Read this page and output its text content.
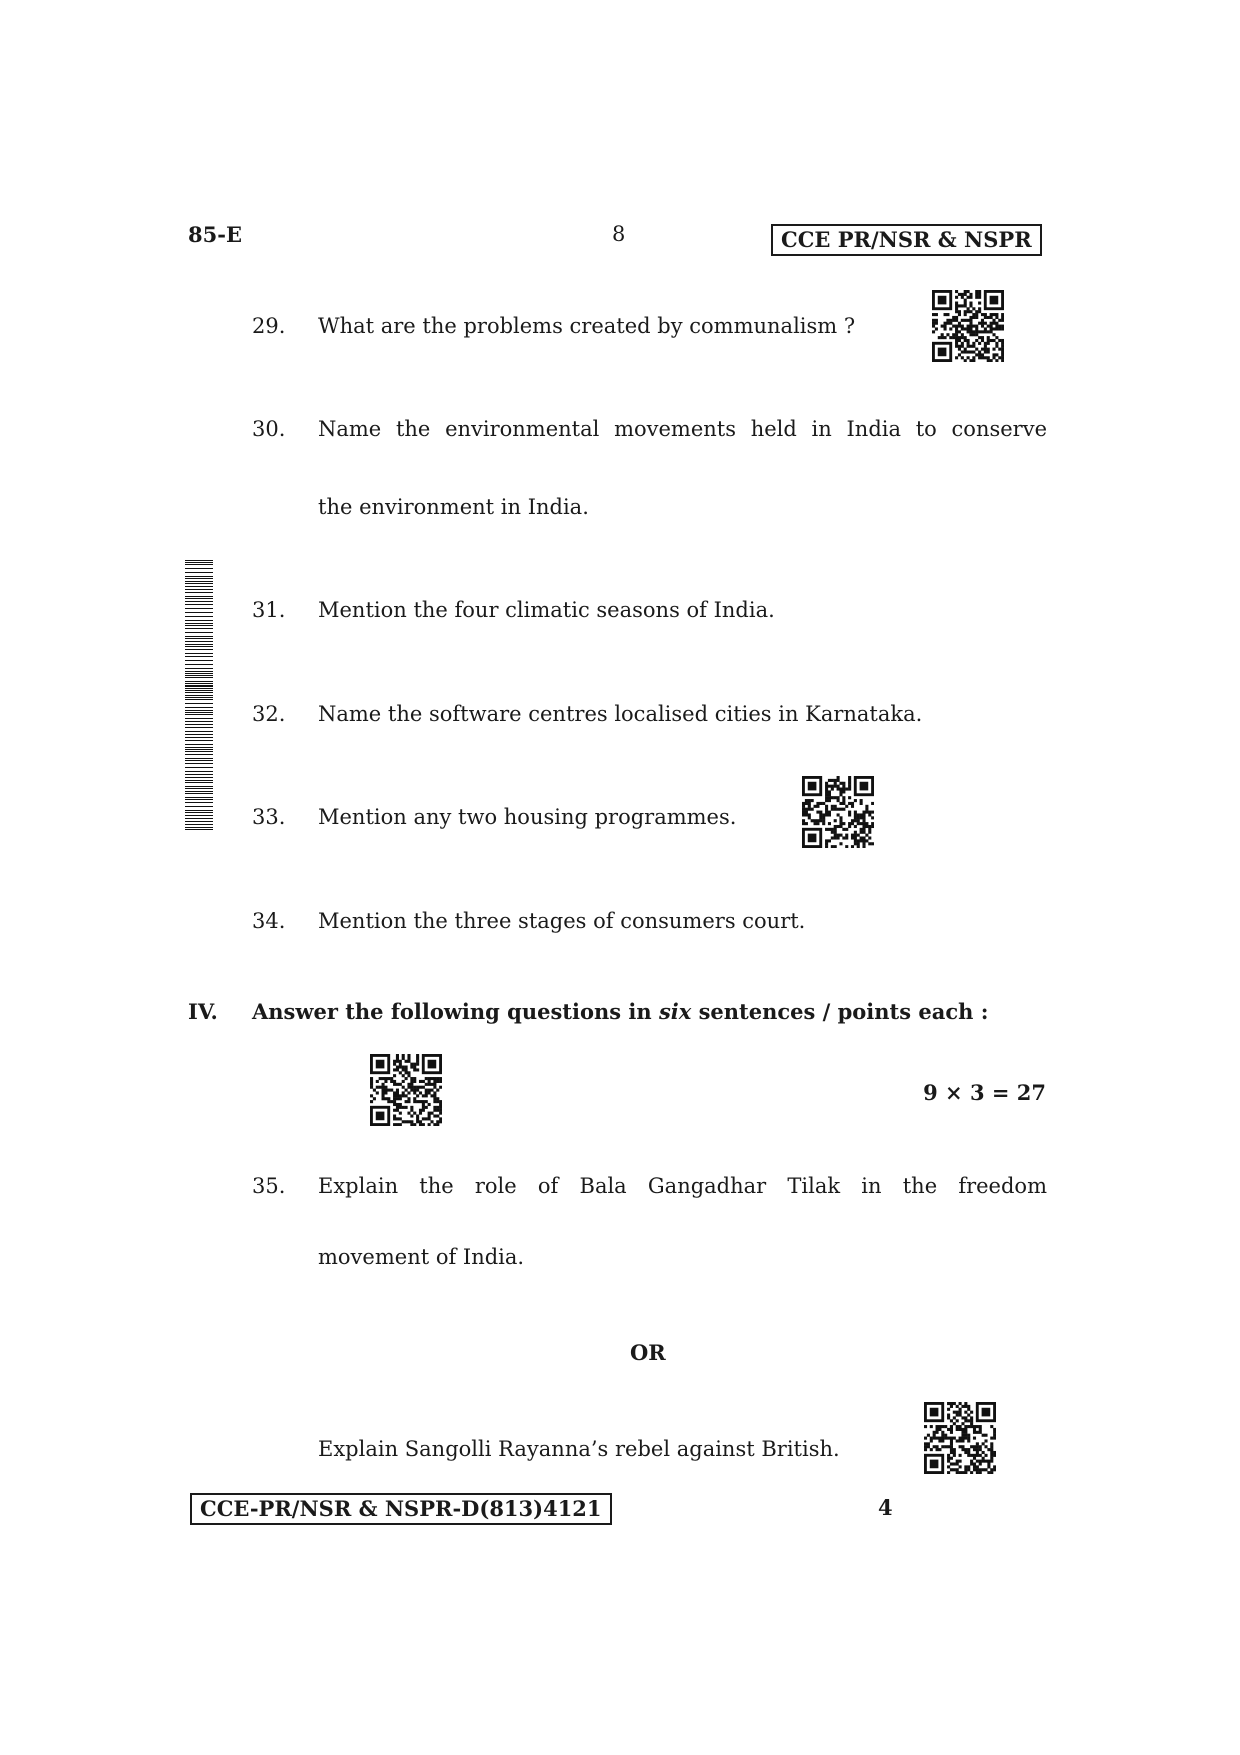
85-E	8	CCE PR/NSR & NSPR
29. What are the problems created by communalism ?
30. Name the environmental movements held in India to conserve
the environment in India.
31. Mention the four climatic seasons of India.
32. Name the software centres localised cities in Karnataka.
33. Mention any two housing programmes.
34. Mention the three stages of consumers court.
IV. Answer the following questions in six sentences / points each :
9 × 3 = 27
35. Explain the role of Bala Gangadhar Tilak in the freedom
movement of India.
OR
Explain Sangolli Rayanna’s rebel against British.
CCE-PR/NSR & NSPR-D(813)4121	4
